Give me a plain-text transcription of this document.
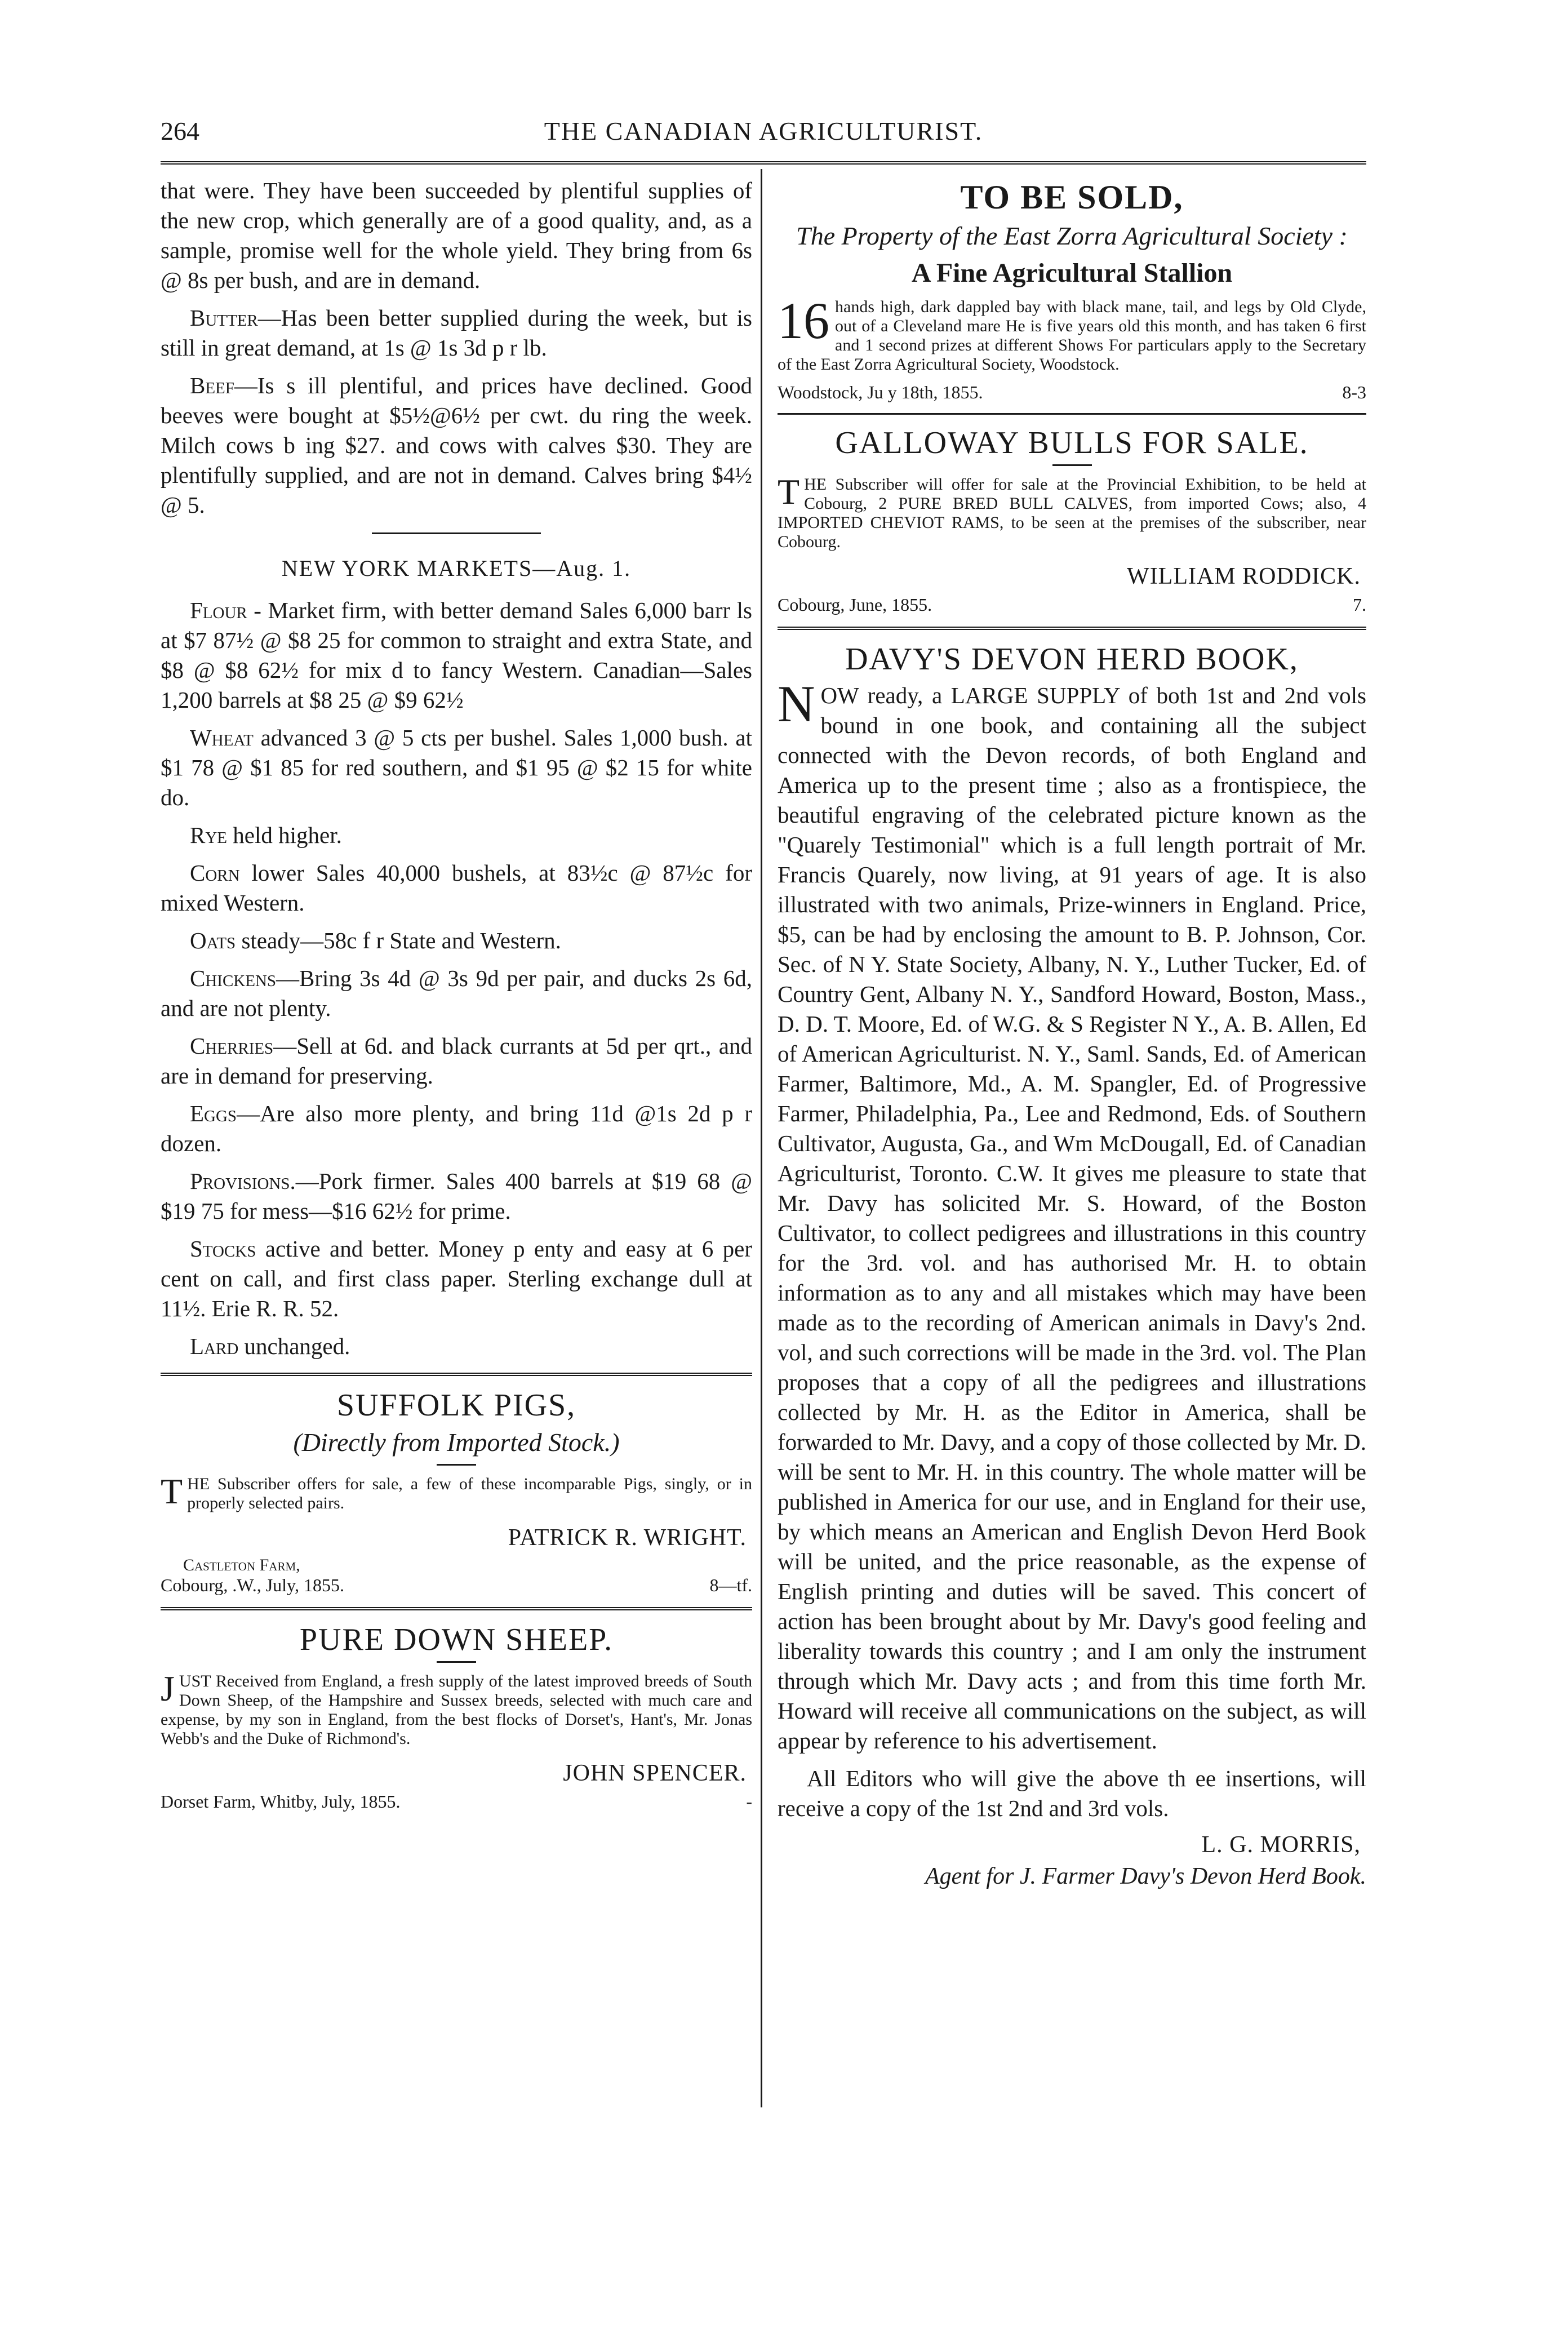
264	THE CANADIAN AGRICULTURIST.

that were. They have been succeeded by plentiful supplies of the new crop, which generally are of a good quality, and, as a sample, promise well for the whole yield. They bring from 6s @ 8s per bush, and are in demand.

Butter—Has been better supplied during the week, but is still in great demand, at 1s @ 1s 3d p r lb.

Beef—Is s ill plentiful, and prices have declined. Good beeves were bought at $5½@6½ per cwt. du ring the week. Milch cows b ing $27. and cows with calves $30. They are plentifully supplied, and are not in demand. Calves bring $4½ @ 5.

NEW YORK MARKETS—Aug. 1.

Flour - Market firm, with better demand Sales 6,000 barr ls at $7 87½ @ $8 25 for common to straight and extra State, and $8 @ $8 62½ for mix d to fancy Western. Canadian—Sales 1,200 barrels at $8 25 @ $9 62½

Wheat advanced 3 @ 5 cts per bushel. Sales 1,000 bush. at $1 78 @ $1 85 for red southern, and $1 95 @ $2 15 for white do.

Rye held higher.

Corn lower Sales 40,000 bushels, at 83½c @ 87½c for mixed Western.

Oats steady—58c f r State and Western.

Chickens—Bring 3s 4d @ 3s 9d per pair, and ducks 2s 6d, and are not plenty.

Cherries—Sell at 6d. and black currants at 5d per qrt., and are in demand for preserving.

Eggs—Are also more plenty, and bring 11d @1s 2d p r dozen.

Provisions.—Pork firmer. Sales 400 barrels at $19 68 @ $19 75 for mess—$16 62½ for prime.

Stocks active and better. Money p enty and easy at 6 per cent on call, and first class paper. Sterling exchange dull at 11½. Erie R. R. 52.

Lard unchanged.

SUFFOLK PIGS,
(Directly from Imported Stock.)

THE Subscriber offers for sale, a few of these incomparable Pigs, singly, or in properly selected pairs.

PATRICK R. WRIGHT.

Castleton Farm,

Cobourg, .W., July, 1855.	8—tf.
PURE DOWN SHEEP.

JUST Received from England, a fresh supply of the latest improved breeds of South Down Sheep, of the Hampshire and Sussex breeds, selected with much care and expense, by my son in England, from the best flocks of Dorset's, Hant's, Mr. Jonas Webb's and the Duke of Richmond's.

JOHN SPENCER.
Dorset Farm, Whitby, July, 1855.	-
TO BE SOLD,
The Property of the East Zorra Agricultural Society :
A Fine Agricultural Stallion

16 hands high, dark dappled bay with black mane, tail, and legs by Old Clyde, out of a Cleveland mare He is five years old this month, and has taken 6 first and 1 second prizes at different Shows For particulars apply to the Secretary of the East Zorra Agricultural Society, Woodstock.

Woodstock, Ju y 18th, 1855.	8-3
GALLOWAY BULLS FOR SALE.

THE Subscriber will offer for sale at the Provincial Exhibition, to be held at Cobourg, 2 PURE BRED BULL CALVES, from imported Cows; also, 4 IMPORTED CHEVIOT RAMS, to be seen at the premises of the subscriber, near Cobourg.

WILLIAM RODDICK.
Cobourg, June, 1855.	7.
DAVY'S DEVON HERD BOOK,

NOW ready, a LARGE SUPPLY of both 1st and 2nd vols bound in one book, and containing all the subject connected with the Devon records, of both England and America up to the present time ; also as a frontispiece, the beautiful engraving of the celebrated picture known as the "Quarely Testimonial" which is a full length portrait of Mr. Francis Quarely, now living, at 91 years of age. It is also illustrated with two animals, Prize-winners in England. Price, $5, can be had by enclosing the amount to B. P. Johnson, Cor. Sec. of N Y. State Society, Albany, N. Y., Luther Tucker, Ed. of Country Gent, Albany N. Y., Sandford Howard, Boston, Mass., D. D. T. Moore, Ed. of W.G. & S Register N Y., A. B. Allen, Ed of American Agriculturist. N. Y., Saml. Sands, Ed. of American Farmer, Baltimore, Md., A. M. Spangler, Ed. of Progressive Farmer, Philadelphia, Pa., Lee and Redmond, Eds. of Southern Cultivator, Augusta, Ga., and Wm McDougall, Ed. of Canadian Agriculturist, Toronto. C.W. It gives me pleasure to state that Mr. Davy has solicited Mr. S. Howard, of the Boston Cultivator, to collect pedigrees and illustrations in this country for the 3rd. vol. and has authorised Mr. H. to obtain information as to any and all mistakes which may have been made as to the recording of American animals in Davy's 2nd. vol, and such corrections will be made in the 3rd. vol. The Plan proposes that a copy of all the pedigrees and illustrations collected by Mr. H. as the Editor in America, shall be forwarded to Mr. Davy, and a copy of those collected by Mr. D. will be sent to Mr. H. in this country. The whole matter will be published in America for our use, and in England for their use, by which means an American and English Devon Herd Book will be united, and the price reasonable, as the expense of English printing and duties will be saved. This concert of action has been brought about by Mr. Davy's good feeling and liberality towards this country ; and I am only the instrument through which Mr. Davy acts ; and from this time forth Mr. Howard will receive all communications on the subject, as will appear by reference to his advertisement.

All Editors who will give the above th ee insertions, will receive a copy of the 1st 2nd and 3rd vols.

L. G. MORRIS,
Agent for J. Farmer Davy's Devon Herd Book.
